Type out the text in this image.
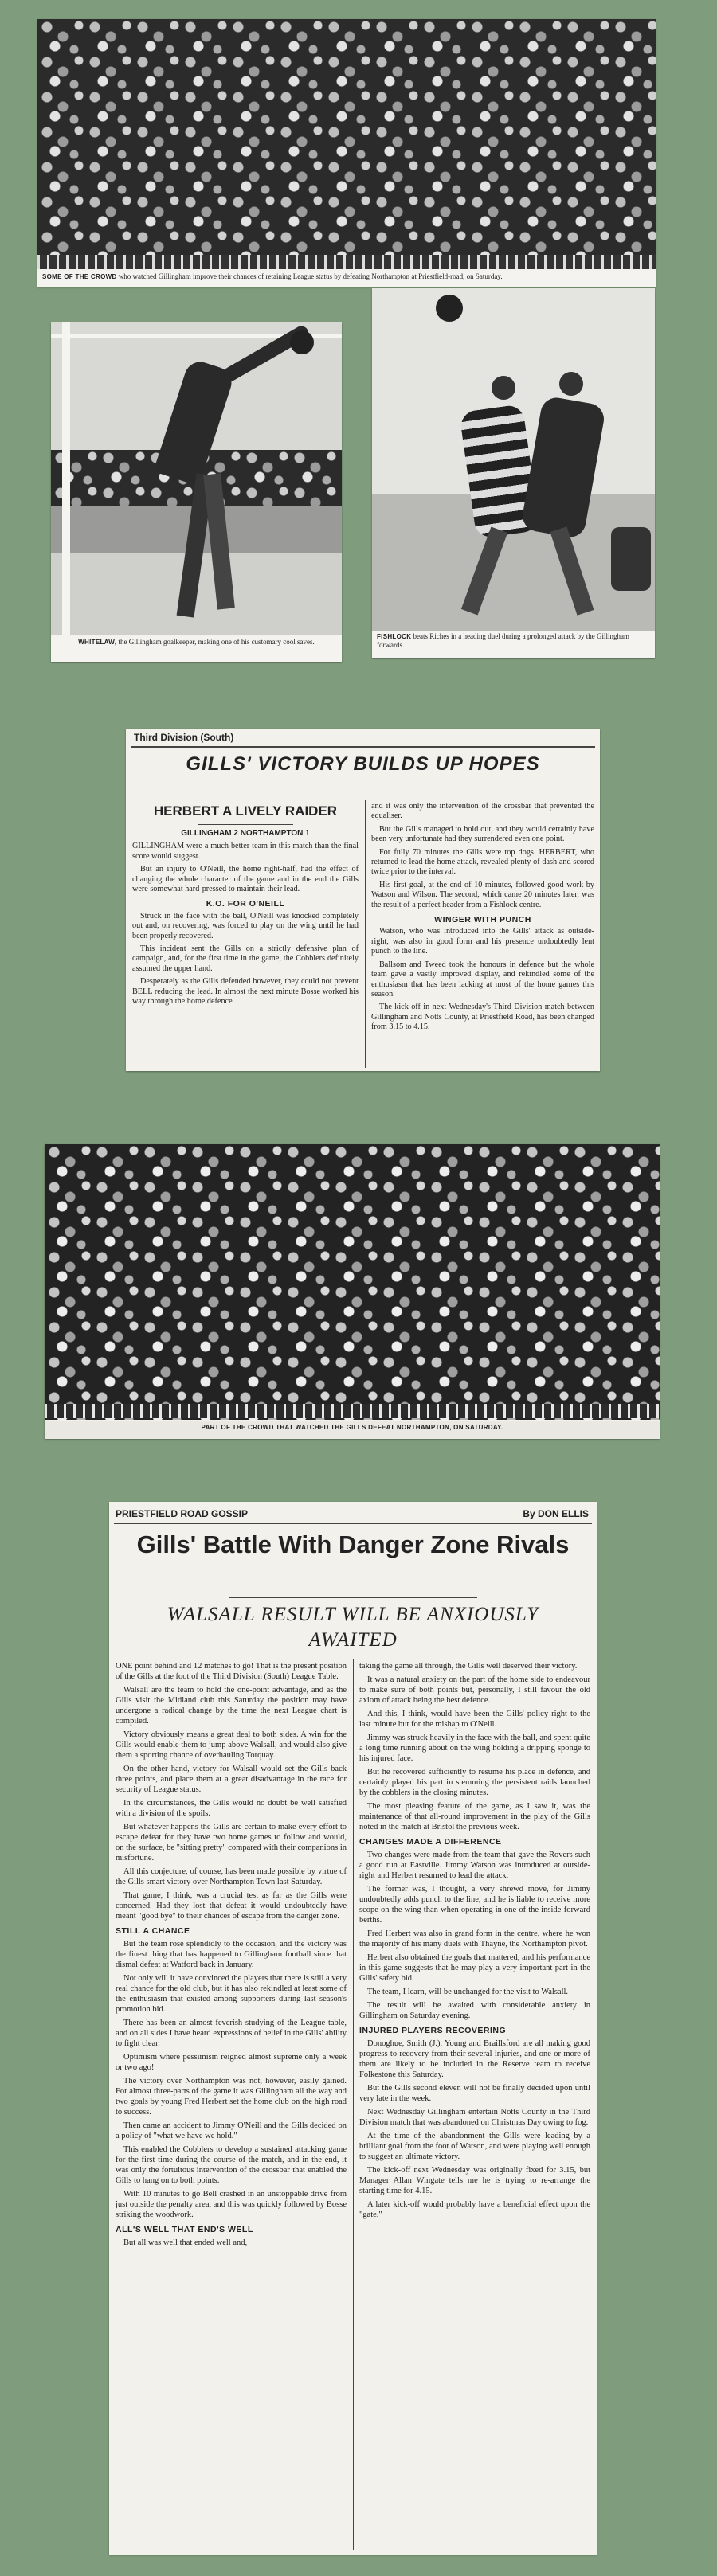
SOME OF THE CROWD who watched Gillingham improve their chances of retaining League status by defeating Northampton at Priestfield-road, on Saturday.
WHITELAW, the Gillingham goalkeeper, making one of his customary cool saves.
FISHLOCK beats Riches in a heading duel during a prolonged attack by the Gillingham forwards.
Third Division (South)
GILLS' VICTORY BUILDS UP HOPES
HERBERT A LIVELY RAIDER
GILLINGHAM 2 NORTHAMPTON 1

GILLINGHAM were a much better team in this match than the final score would suggest.

But an injury to O'Neill, the home right-half, had the effect of changing the whole character of the game and in the end the Gills were somewhat hard-pressed to maintain their lead.

K.O. FOR O'NEILL

Struck in the face with the ball, O'Neill was knocked completely out and, on recovering, was forced to play on the wing until he had been properly recovered.

This incident sent the Gills on a strictly defensive plan of campaign, and, for the first time in the game, the Cobblers definitely assumed the upper hand.

Desperately as the Gills defended however, they could not prevent BELL reducing the lead. In almost the next minute Bosse worked his way through the home defence

and it was only the intervention of the crossbar that prevented the equaliser.

But the Gills managed to hold out, and they would certainly have been very unfortunate had they surrendered even one point.

For fully 70 minutes the Gills were top dogs. HERBERT, who returned to lead the home attack, revealed plenty of dash and scored twice prior to the interval.

His first goal, at the end of 10 minutes, followed good work by Watson and Wilson. The second, which came 20 minutes later, was the result of a perfect header from a Fishlock centre.

WINGER WITH PUNCH

Watson, who was introduced into the Gills' attack as outside-right, was also in good form and his presence undoubtedly lent punch to the line.

Ballsom and Tweed took the honours in defence but the whole team gave a vastly improved display, and rekindled some of the enthusiasm that has been lacking at most of the home games this season.

The kick-off in next Wednesday's Third Division match between Gillingham and Notts County, at Priestfield Road, has been changed from 3.15 to 4.15.

PART OF THE CROWD THAT WATCHED THE GILLS DEFEAT NORTHAMPTON, ON SATURDAY.
PRIESTFIELD ROAD GOSSIP	By DON ELLIS
Gills' Battle With Danger Zone Rivals
WALSALL RESULT WILL BE ANXIOUSLY AWAITED

ONE point behind and 12 matches to go! That is the present position of the Gills at the foot of the Third Division (South) League Table.

Walsall are the team to hold the one-point advantage, and as the Gills visit the Midland club this Saturday the position may have undergone a radical change by the time the next League chart is compiled.

Victory obviously means a great deal to both sides. A win for the Gills would enable them to jump above Walsall, and would also give them a sporting chance of overhauling Torquay.

On the other hand, victory for Walsall would set the Gills back three points, and place them at a great disadvantage in the race for security of League status.

In the circumstances, the Gills would no doubt be well satisfied with a division of the spoils.

But whatever happens the Gills are certain to make every effort to escape defeat for they have two home games to follow and would, on the surface, be "sitting pretty" compared with their companions in misfortune.

All this conjecture, of course, has been made possible by virtue of the Gills smart victory over Northampton Town last Saturday.

That game, I think, was a crucial test as far as the Gills were concerned. Had they lost that defeat it would undoubtedly have meant "good bye" to their chances of escape from the danger zone.

STILL A CHANCE

But the team rose splendidly to the occasion, and the victory was the finest thing that has happened to Gillingham football since that dismal defeat at Watford back in January.

Not only will it have convinced the players that there is still a very real chance for the old club, but it has also rekindled at least some of the enthusiasm that existed among supporters during last season's promotion bid.

There has been an almost feverish studying of the League table, and on all sides I have heard expressions of belief in the Gills' ability to fight clear.

Optimism where pessimism reigned almost supreme only a week or two ago!

The victory over Northampton was not, however, easily gained. For almost three-parts of the game it was Gillingham all the way and two goals by young Fred Herbert set the home club on the high road to success.

Then came an accident to Jimmy O'Neill and the Gills decided on a policy of "what we have we hold."

This enabled the Cobblers to develop a sustained attacking game for the first time during the course of the match, and in the end, it was only the fortuitous intervention of the crossbar that enabled the Gills to hang on to both points.

With 10 minutes to go Bell crashed in an unstoppable drive from just outside the penalty area, and this was quickly followed by Bosse striking the woodwork.

ALL'S WELL THAT END'S WELL

But all was well that ended well and,

taking the game all through, the Gills well deserved their victory.

It was a natural anxiety on the part of the home side to endeavour to make sure of both points but, personally, I still favour the old axiom of attack being the best defence.

And this, I think, would have been the Gills' policy right to the last minute but for the mishap to O'Neill.

Jimmy was struck heavily in the face with the ball, and spent quite a long time running about on the wing holding a dripping sponge to his injured face.

But he recovered sufficiently to resume his place in defence, and certainly played his part in stemming the persistent raids launched by the cobblers in the closing minutes.

The most pleasing feature of the game, as I saw it, was the maintenance of that all-round improvement in the play of the Gills noted in the match at Bristol the previous week.

CHANGES MADE A DIFFERENCE

Two changes were made from the team that gave the Rovers such a good run at Eastville. Jimmy Watson was introduced at outside-right and Herbert resumed to lead the attack.

The former was, I thought, a very shrewd move, for Jimmy undoubtedly adds punch to the line, and he is liable to receive more scope on the wing than when operating in one of the inside-forward berths.

Fred Herbert was also in grand form in the centre, where he won the majority of his many duels with Thayne, the Northampton pivot.

Herbert also obtained the goals that mattered, and his performance in this game suggests that he may play a very important part in the Gills' safety bid.

The team, I learn, will be unchanged for the visit to Walsall.

The result will be awaited with considerable anxiety in Gillingham on Saturday evening.

INJURED PLAYERS RECOVERING

Donoghue, Smith (J.), Young and Braillsford are all making good progress to recovery from their several injuries, and one or more of them are likely to be included in the Reserve team to receive Folkestone this Saturday.

But the Gills second eleven will not be finally decided upon until very late in the week.

Next Wednesday Gillingham entertain Notts County in the Third Division match that was abandoned on Christmas Day owing to fog.

At the time of the abandonment the Gills were leading by a brilliant goal from the foot of Watson, and were playing well enough to suggest an ultimate victory.

The kick-off next Wednesday was originally fixed for 3.15, but Manager Allan Wingate tells me he is trying to re-arrange the starting time for 4.15.

A later kick-off would probably have a beneficial effect upon the "gate."
